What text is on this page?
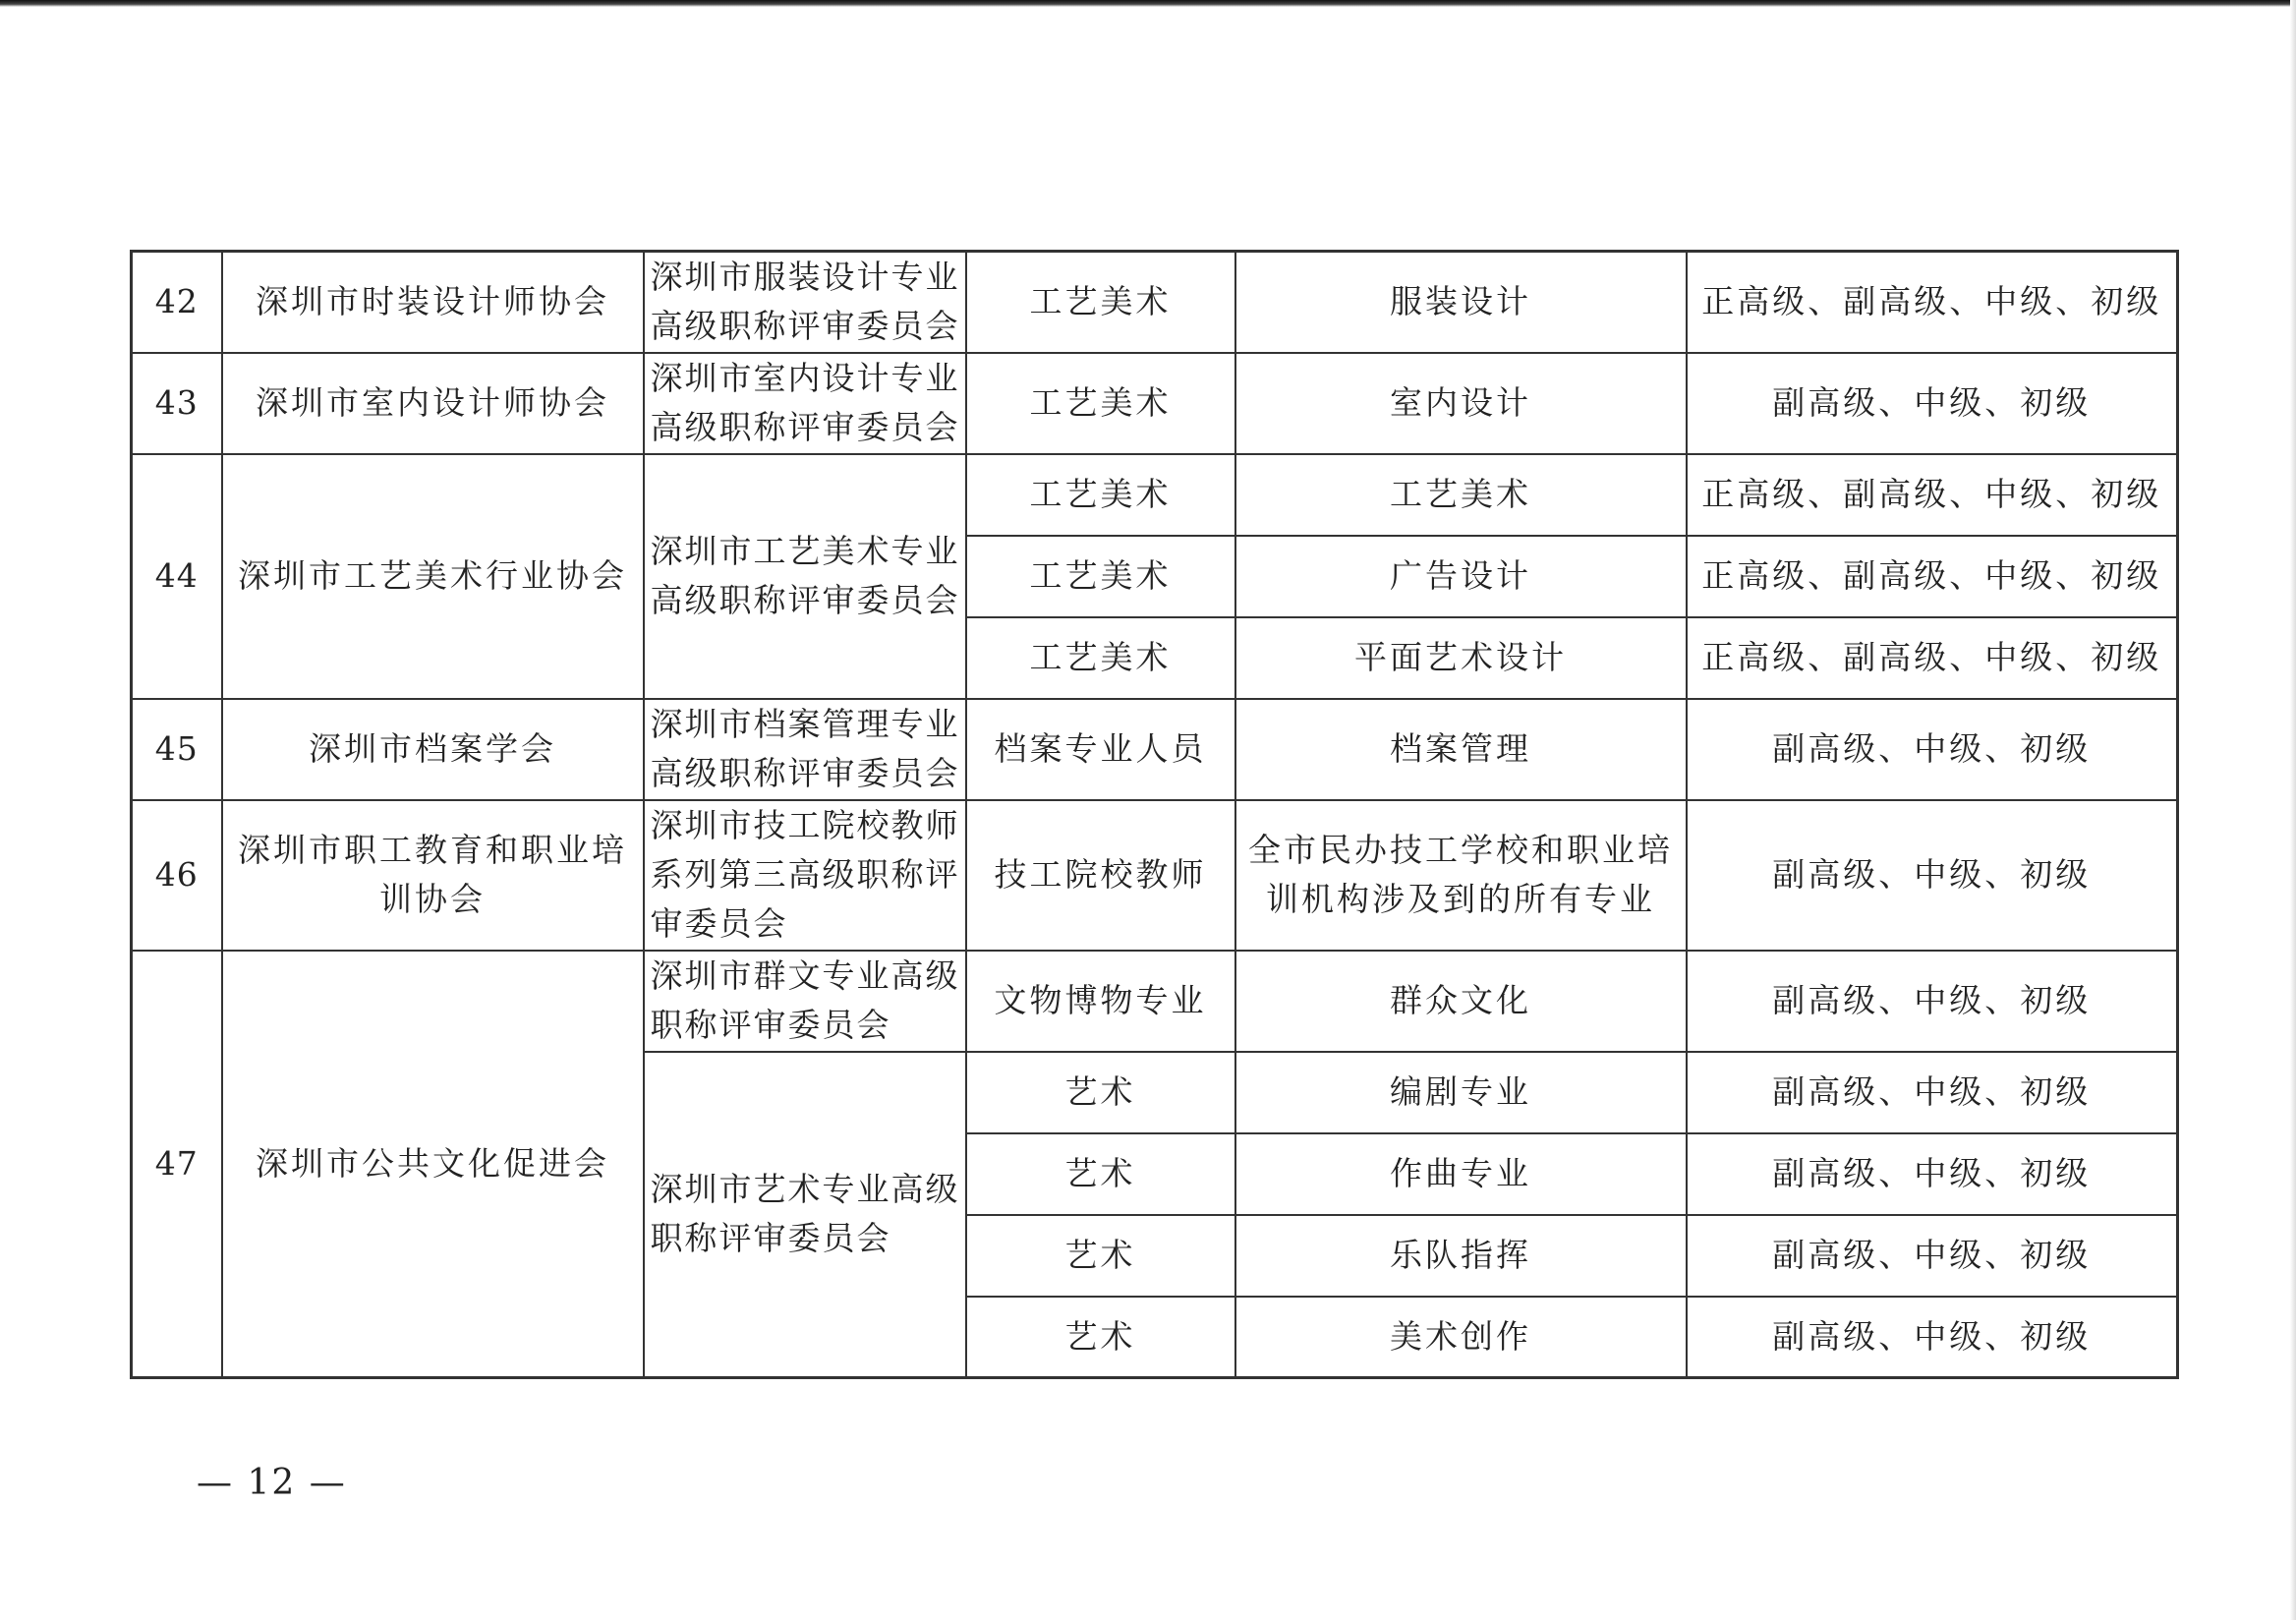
42	深圳市时装设计师协会	深圳市服装设计专业高级职称评审委员会	工艺美术	服装设计	正高级、副高级、中级、初级
43	深圳市室内设计师协会	深圳市室内设计专业高级职称评审委员会	工艺美术	室内设计	副高级、中级、初级
44	深圳市工艺美术行业协会	深圳市工艺美术专业高级职称评审委员会	工艺美术	工艺美术	正高级、副高级、中级、初级
			工艺美术	广告设计	正高级、副高级、中级、初级
			工艺美术	平面艺术设计	正高级、副高级、中级、初级
45	深圳市档案学会	深圳市档案管理专业高级职称评审委员会	档案专业人员	档案管理	副高级、中级、初级
46	深圳市职工教育和职业培训协会	深圳市技工院校教师系列第三高级职称评审委员会	技工院校教师	全市民办技工学校和职业培训机构涉及到的所有专业	副高级、中级、初级
47	深圳市公共文化促进会	深圳市群文专业高级职称评审委员会	文物博物专业	群众文化	副高级、中级、初级
		深圳市艺术专业高级职称评审委员会	艺术	编剧专业	副高级、中级、初级
			艺术	作曲专业	副高级、中级、初级
			艺术	乐队指挥	副高级、中级、初级
			艺术	美术创作	副高级、中级、初级
— 12 —
